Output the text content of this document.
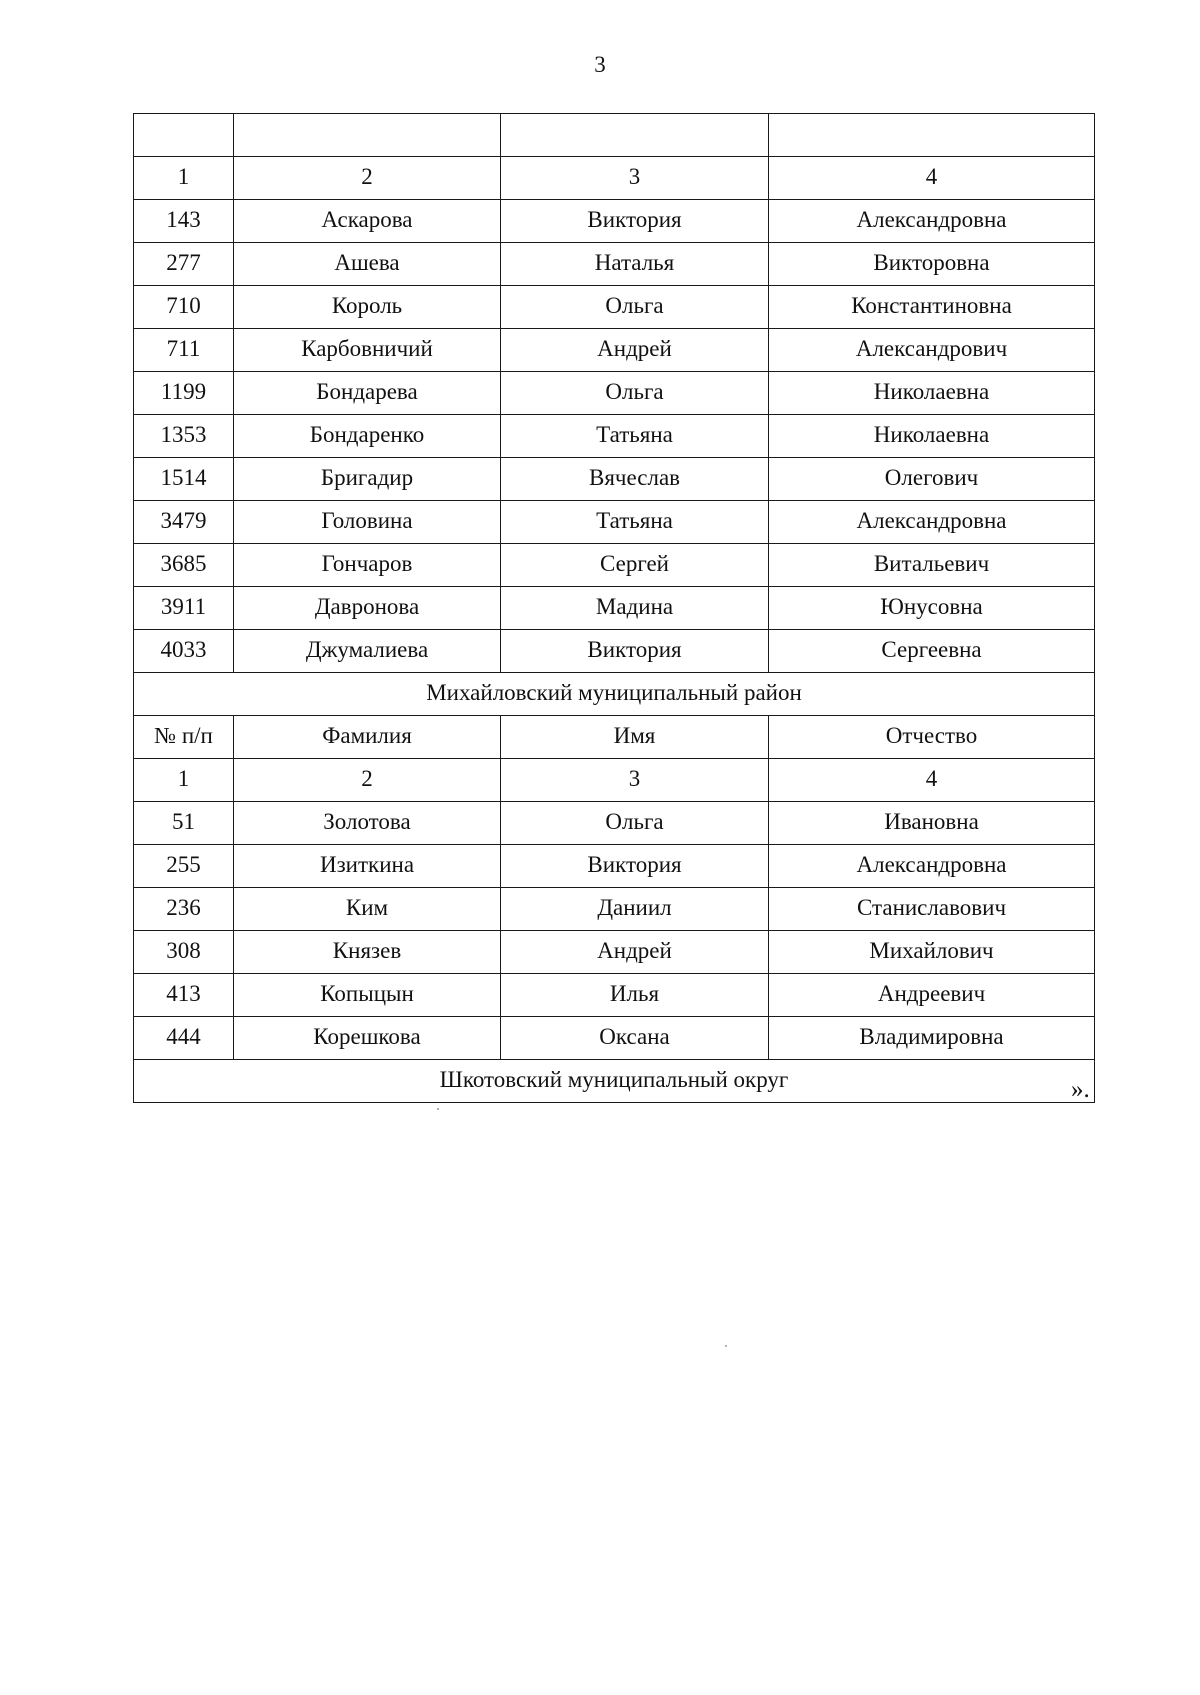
3

1	2	3	4
143	Аскарова	Виктория	Александровна
277	Ашева	Наталья	Викторовна
710	Король	Ольга	Константиновна
711	Карбовничий	Андрей	Александрович
1199	Бондарева	Ольга	Николаевна
1353	Бондаренко	Татьяна	Николаевна
1514	Бригадир	Вячеслав	Олегович
3479	Головина	Татьяна	Александровна
3685	Гончаров	Сергей	Витальевич
3911	Давронова	Мадина	Юнусовна
4033	Джумалиева	Виктория	Сергеевна
Михайловский муниципальный район			
№ п/п	Фамилия	Имя	Отчество
1	2	3	4
51	Золотова	Ольга	Ивановна
255	Изиткина	Виктория	Александровна
236	Ким	Даниил	Станиславович
308	Князев	Андрей	Михайлович
413	Копыцын	Илья	Андреевич
444	Корешкова	Оксана	Владимировна
Шкотовский муниципальный округ				».
